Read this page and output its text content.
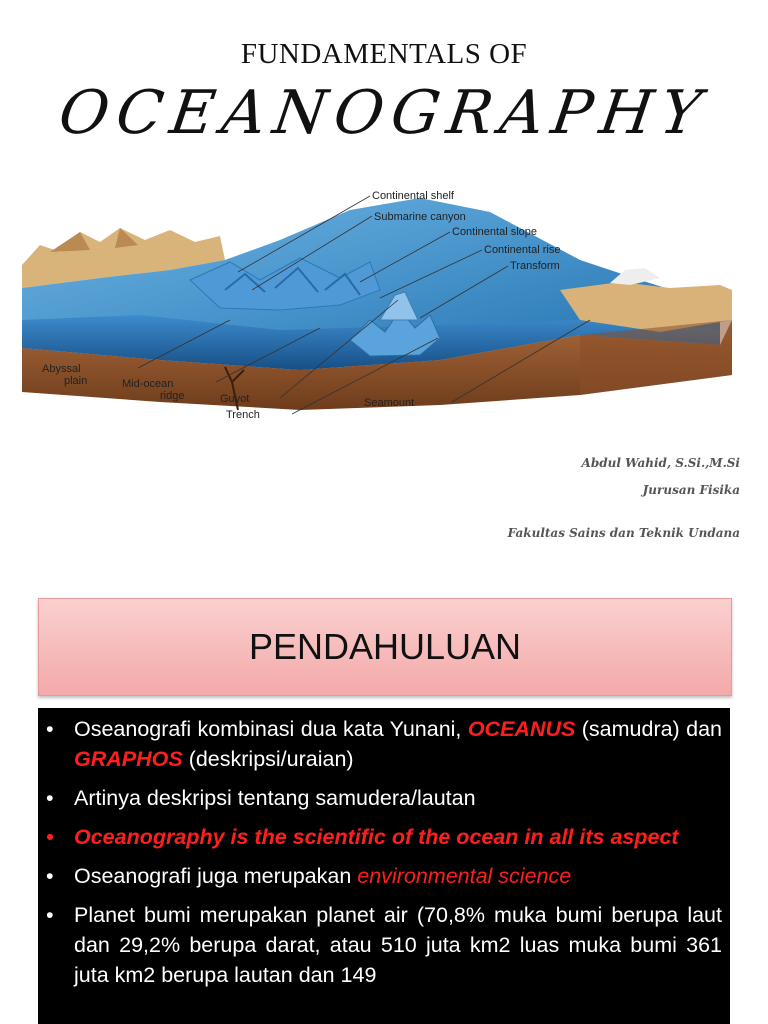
FUNDAMENTALS OF
OCEANOGRAPHY
Continental shelf
Submarine canyon
Continental slope
Continental rise
Transform
Abyssal
plain	Mid-ocean
ridge	Guyot
Trench
Seamount
Abdul Wahid, S.Si.,M.Si
Jurusan Fisika
Fakultas Sains dan Teknik Undana
PENDAHULUAN
• Oseanografi kombinasi dua kata Yunani, OCEANUS (samudra) dan GRAPHOS (deskripsi/uraian)
• Artinya deskripsi tentang samudera/lautan
• Oceanography is the scientific of the ocean in all its aspect
• Oseanografi juga merupakan environmental science
• Planet bumi merupakan planet air (70,8% muka bumi berupa laut dan 29,2% berupa darat, atau 510 juta km2 luas muka bumi 361 juta km2 berupa lautan dan 149
